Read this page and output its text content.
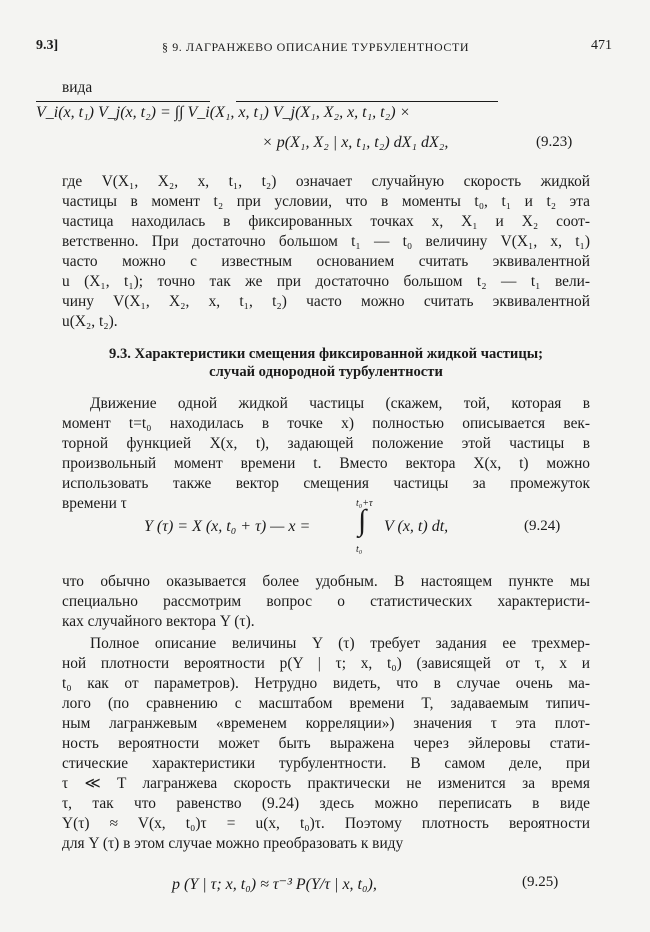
9.3]	§ 9. ЛАГРАНЖЕВО ОПИСАНИЕ ТУРБУЛЕНТНОСТИ	471
вида
V_i(x, t₁) V_j(x, t₂) = ∫∫ V_i(X₁, x, t₁) V_j(X₁, X₂, x, t₁, t₂) ×
× p(X₁, X₂ | x, t₁, t₂) dX₁ dX₂,	(9.23)
где V(X₁, X₂, x, t₁, t₂) означает случайную скорость жидкой
частицы в момент t₂ при условии, что в моменты t₀, t₁ и t₂ эта
частица находилась в фиксированных точках x, X₁ и X₂ соот-
ветственно. При достаточно большом t₁ — t₀ величину V(X₁, x, t₁)
часто можно с известным основанием считать эквивалентной
u (X₁, t₁); точно так же при достаточно большом t₂ — t₁ вели-
чину V(X₁, X₂, x, t₁, t₂) часто можно считать эквивалентной
u(X₂, t₂).
9.3. Характеристики смещения фиксированной жидкой частицы;
случай однородной турбулентности
Движение одной жидкой частицы (скажем, той, которая в
момент t=t₀ находилась в точке x) полностью описывается век-
торной функцией X(x, t), задающей положение этой частицы в
произвольный момент времени t. Вместо вектора X(x, t) можно
использовать также вектор смещения частицы за промежуток
времени τ
Y (τ) = X (x, t₀ + τ) — x =
t₀+τ
∫
t₀
V (x, t) dt,	(9.24)
что обычно оказывается более удобным. В настоящем пункте мы
специально рассмотрим вопрос о статистических характеристи-
ках случайного вектора Y (τ).
Полное описание величины Y (τ) требует задания ее трехмер-
ной плотности вероятности p(Y | τ; x, t₀) (зависящей от τ, x и
t₀ как от параметров). Нетрудно видеть, что в случае очень ма-
лого (по сравнению с масштабом времени T, задаваемым типич-
ным лагранжевым «временем корреляции») значения τ эта плот-
ность вероятности может быть выражена через эйлеровы стати-
стические характеристики турбулентности. В самом деле, при
τ ≪ T лагранжева скорость практически не изменится за время
τ, так что равенство (9.24) здесь можно переписать в виде
Y(τ) ≈ V(x, t₀)τ = u(x, t₀)τ. Поэтому плотность вероятности
для Y (τ) в этом случае можно преобразовать к виду
p (Y | τ; x, t₀) ≈ τ⁻³ P(Y/τ | x, t₀),	(9.25)
